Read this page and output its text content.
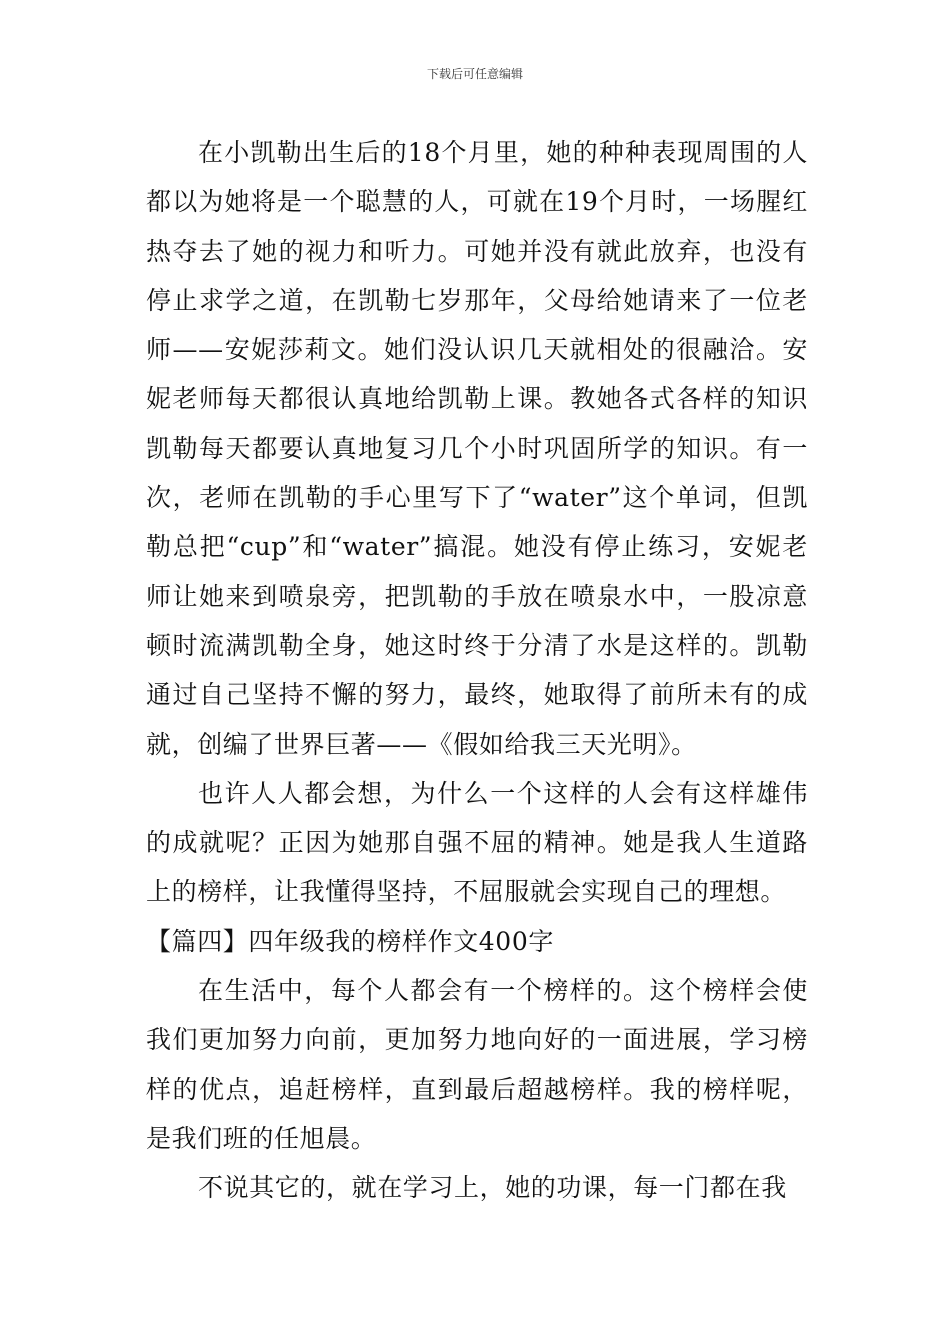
下载后可任意编辑

在小凯勒出生后的18个月里，她的种种表现周围的人都以为她将是一个聪慧的人，可就在19个月时，一场腥红热夺去了她的视力和听力。可她并没有就此放弃，也没有停止求学之道，在凯勒七岁那年，父母给她请来了一位老师——安妮莎莉文。她们没认识几天就相处的很融洽。安妮老师每天都很认真地给凯勒上课。教她各式各样的知识凯勒每天都要认真地复习几个小时巩固所学的知识。有一次，老师在凯勒的手心里写下了“water”这个单词，但凯勒总把“cup”和“water”搞混。她没有停止练习，安妮老师让她来到喷泉旁，把凯勒的手放在喷泉水中，一股凉意顿时流满凯勒全身，她这时终于分清了水是这样的。凯勒通过自己坚持不懈的努力，最终，她取得了前所未有的成就，创编了世界巨著——《假如给我三天光明》。

也许人人都会想，为什么一个这样的人会有这样雄伟的成就呢？正因为她那自强不屈的精神。她是我人生道路上的榜样，让我懂得坚持，不屈服就会实现自己的理想。

【篇四】四年级我的榜样作文400字

在生活中，每个人都会有一个榜样的。这个榜样会使我们更加努力向前，更加努力地向好的一面进展，学习榜样的优点，追赶榜样，直到最后超越榜样。我的榜样呢，是我们班的任旭晨。

不说其它的，就在学习上，她的功课，每一门都在我
